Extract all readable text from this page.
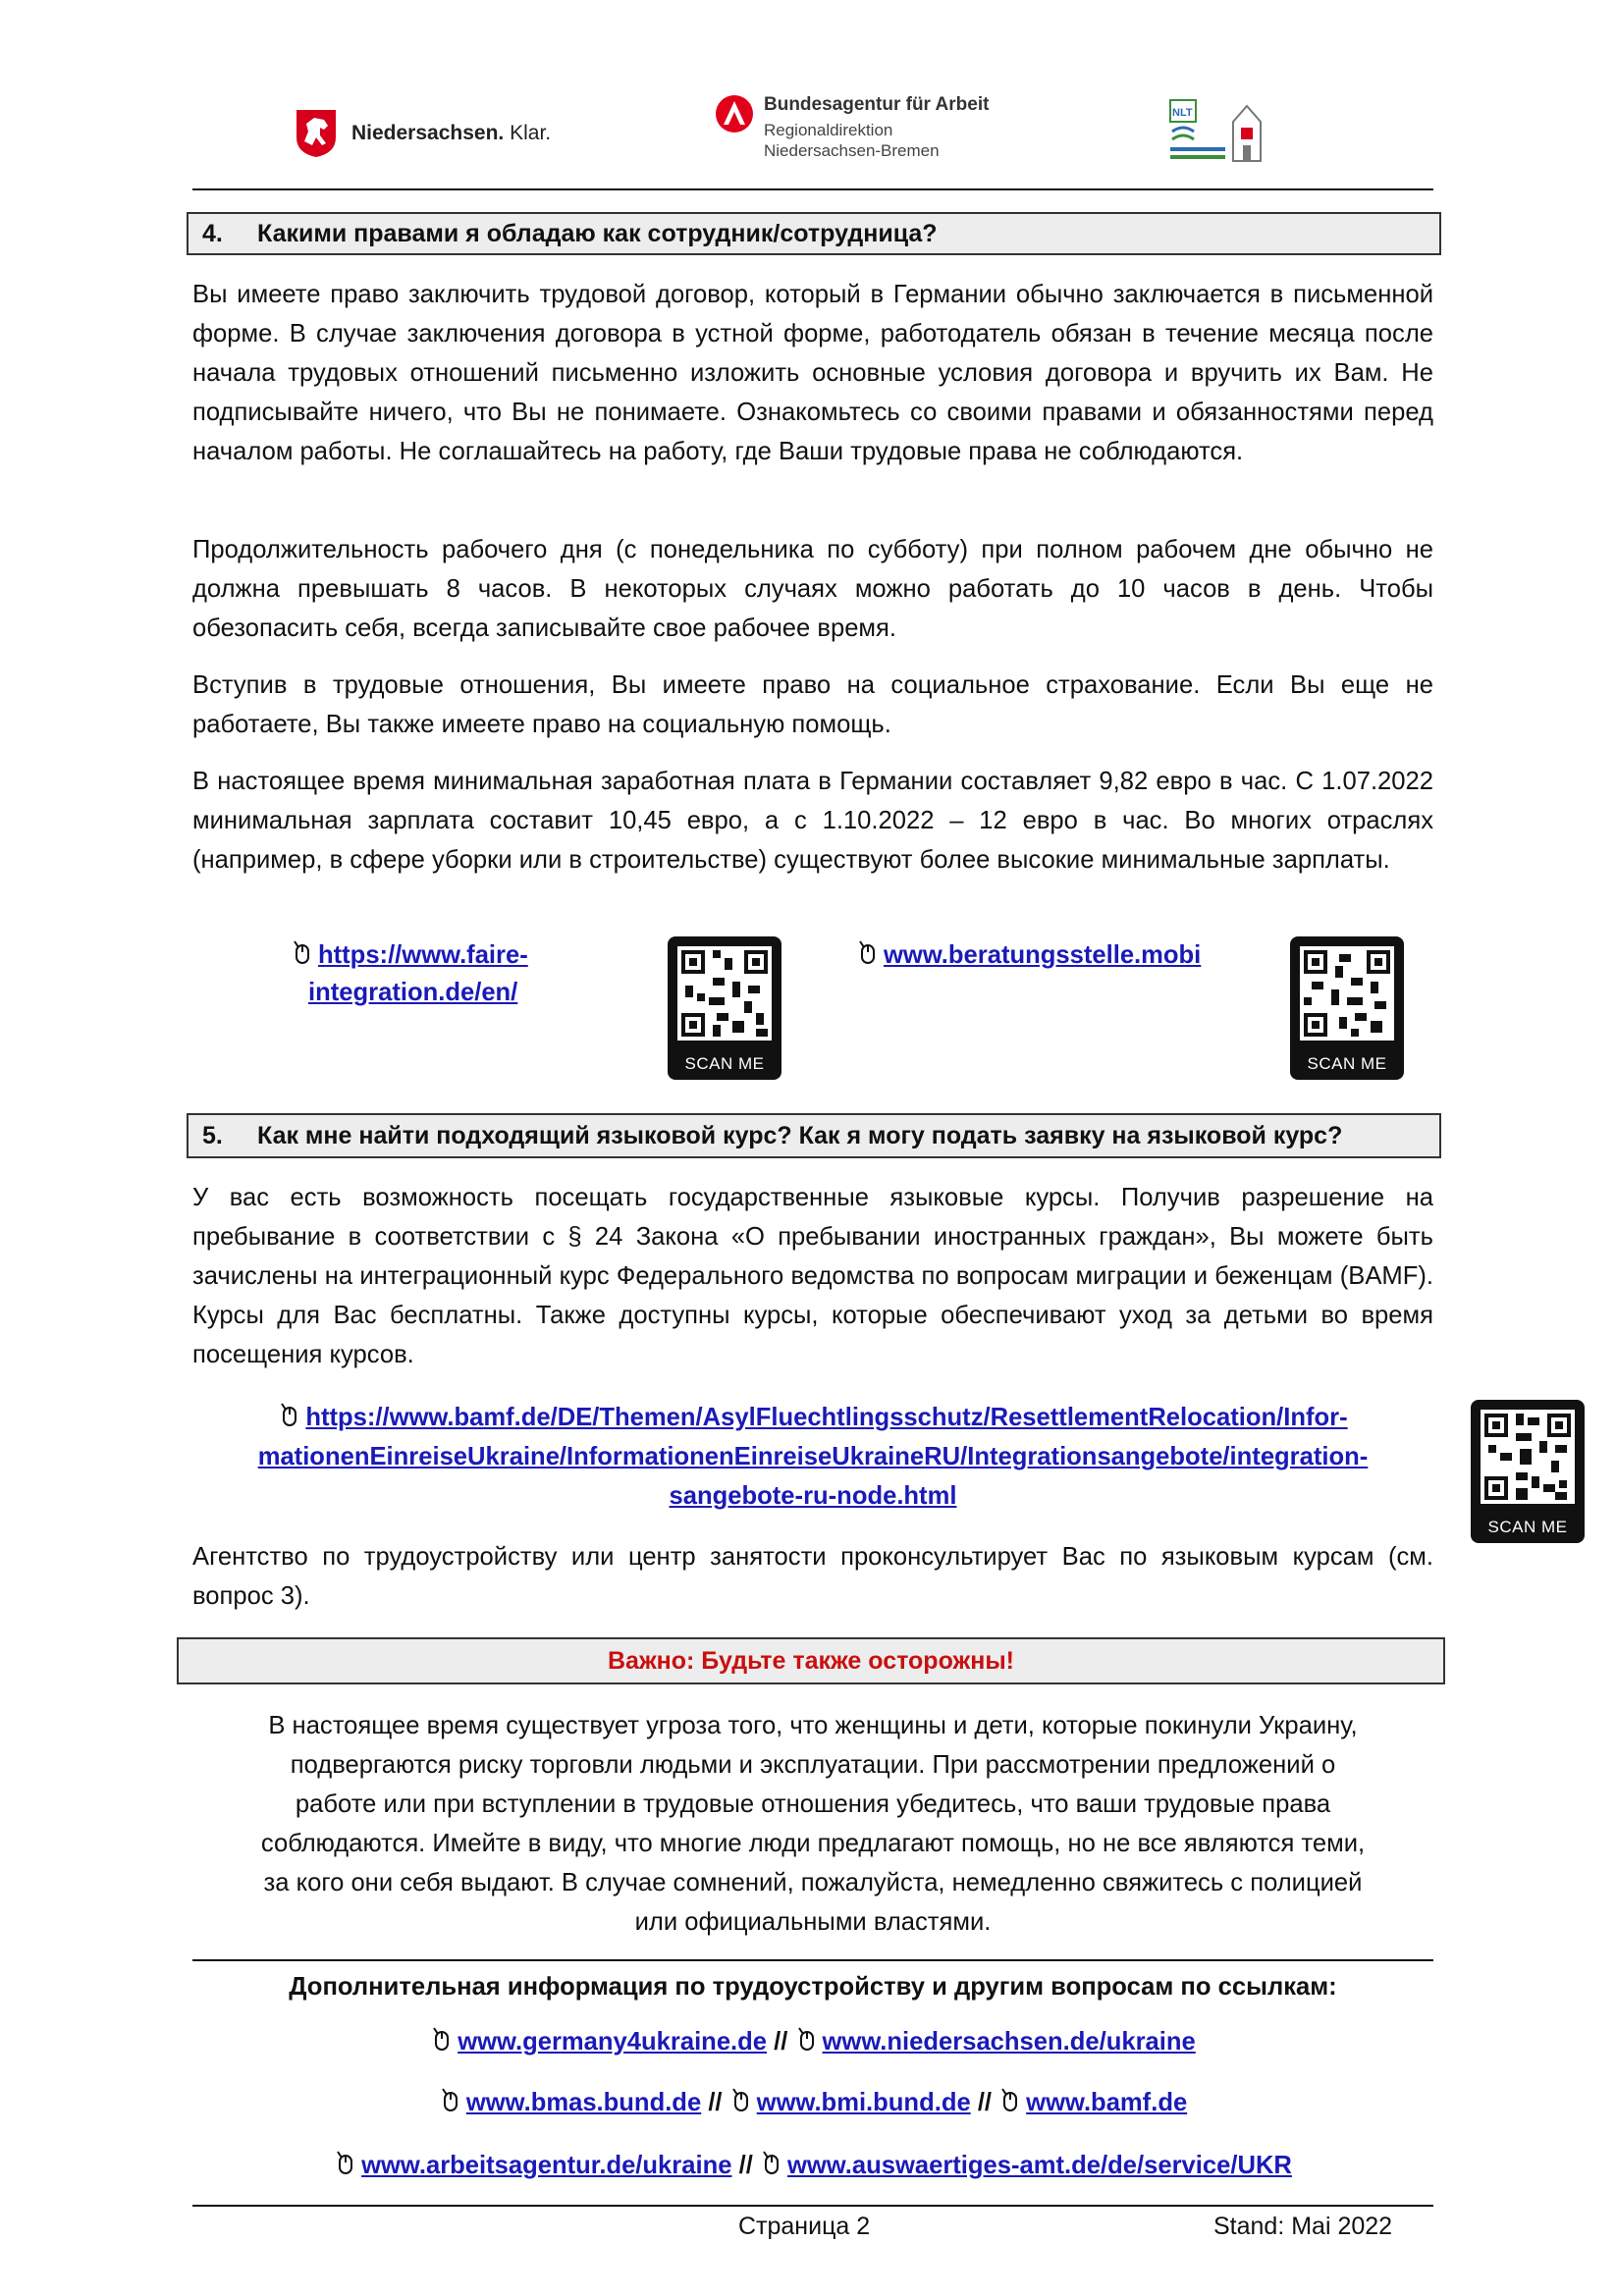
Niedersachsen. Klar.
Bundesagentur für Arbeit
Regionaldirektion
Niedersachsen-Bremen
NLT
4.	Какими правами я обладаю как сотрудник/сотрудница?

Вы имеете право заключить трудовой договор, который в Германии обычно заключается в письменной форме. В случае заключения договора в устной форме, работодатель обязан в течение месяца после начала трудовых отношений письменно изложить основные условия договора и вручить их Вам. Не подписывайте ничего, что Вы не понимаете. Ознакомьтесь со своими правами и обязанностями перед началом работы. Не соглашайтесь на работу, где Ваши трудовые права не соблюдаются.

Продолжительность рабочего дня (с понедельника по субботу) при полном рабочем дне обычно не должна превышать 8 часов. В некоторых случаях можно работать до 10 часов в день. Чтобы обезопасить себя, всегда записывайте свое рабочее время.

Вступив в трудовые отношения, Вы имеете право на социальное страхование. Если Вы еще не работаете, Вы также имеете право на социальную помощь.

В настоящее время минимальная заработная плата в Германии составляет 9,82 евро в час. С 1.07.2022 минимальная зарплата составит 10,45 евро, а с 1.10.2022 – 12 евро в час. Во многих отраслях (например, в сфере уборки или в строительстве) существуют более высокие минимальные зарплаты.

https://www.faire-
integration.de/en/
SCAN ME
www.beratungsstelle.mobi
SCAN ME
5.	Как мне найти подходящий языковой курс? Как я могу подать заявку на языковой курс?

У вас есть возможность посещать государственные языковые курсы. Получив разрешение на пребывание в соответствии с § 24 Закона «О пребывании иностранных граждан», Вы можете быть зачислены на интеграционный курс Федерального ведомства по вопросам миграции и беженцам (BAMF). Курсы для Вас бесплатны. Также доступны курсы, которые обеспечивают уход за детьми во время посещения курсов.

https://www.bamf.de/DE/Themen/AsylFluechtlingsschutz/ResettlementRelocation/Infor-
mationenEinreiseUkraine/InformationenEinreiseUkraineRU/Integrationsangebote/integration-
sangebote-ru-node.html
SCAN ME

Агентство по трудоустройству или центр занятости проконсультирует Вас по языковым курсам (см. вопрос 3).

Важно: Будьте также осторожны!
В настоящее время существует угроза того, что женщины и дети, которые покинули Украину,
подвергаются риску торговли людьми и эксплуатации. При рассмотрении предложений о
работе или при вступлении в трудовые отношения убедитесь, что ваши трудовые права
соблюдаются. Имейте в виду, что многие люди предлагают помощь, но не все являются теми,
за кого они себя выдают. В случае сомнений, пожалуйста, немедленно свяжитесь с полицией
или официальными властями.
Дополнительная информация по трудоустройству и другим вопросам по ссылкам:
www.germany4ukraine.de // www.niedersachsen.de/ukraine
www.bmas.bund.de // www.bmi.bund.de // www.bamf.de
www.arbeitsagentur.de/ukraine // www.auswaertiges-amt.de/de/service/UKR
Страница 2	Stand: Mai 2022
